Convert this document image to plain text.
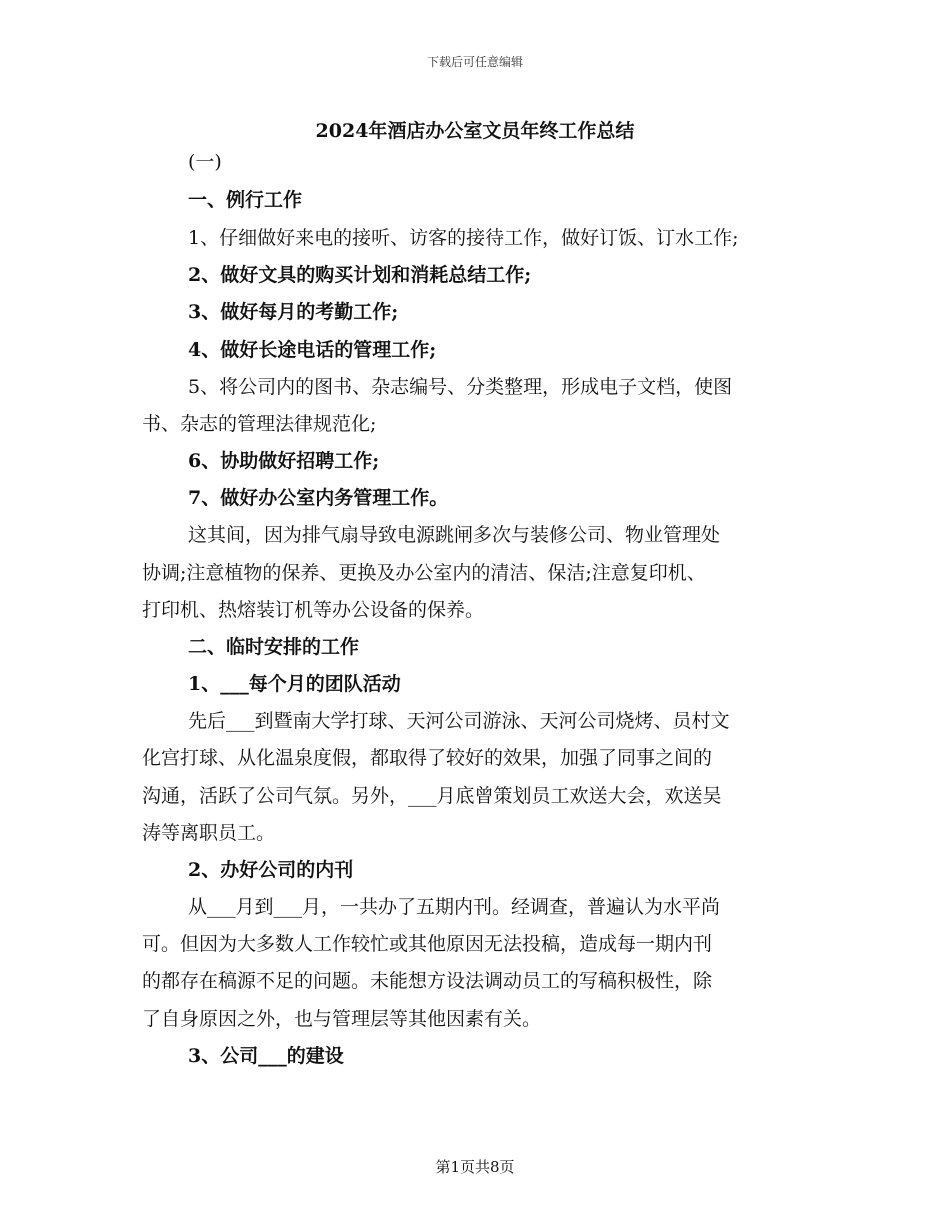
下载后可任意编辑
2024年酒店办公室文员年终工作总结
(一)
一、例行工作
1、仔细做好来电的接听、访客的接待工作，做好订饭、订水工作;
2、做好文具的购买计划和消耗总结工作;
3、做好每月的考勤工作;
4、做好长途电话的管理工作;
5、将公司内的图书、杂志编号、分类整理，形成电子文档，使图
书、杂志的管理法律规范化;
6、协助做好招聘工作;
7、做好办公室内务管理工作。
这其间，因为排气扇导致电源跳闸多次与装修公司、物业管理处
协调;注意植物的保养、更换及办公室内的清洁、保洁;注意复印机、
打印机、热熔装订机等办公设备的保养。
二、临时安排的工作
1、___每个月的团队活动
先后___到暨南大学打球、天河公司游泳、天河公司烧烤、员村文
化宫打球、从化温泉度假，都取得了较好的效果，加强了同事之间的
沟通，活跃了公司气氛。另外，___月底曾策划员工欢送大会，欢送吴
涛等离职员工。
2、办好公司的内刊
从___月到___月，一共办了五期内刊。经调查，普遍认为水平尚
可。但因为大多数人工作较忙或其他原因无法投稿，造成每一期内刊
的都存在稿源不足的问题。未能想方设法调动员工的写稿积极性，除
了自身原因之外，也与管理层等其他因素有关。
3、公司___的建设
第1页共8页
